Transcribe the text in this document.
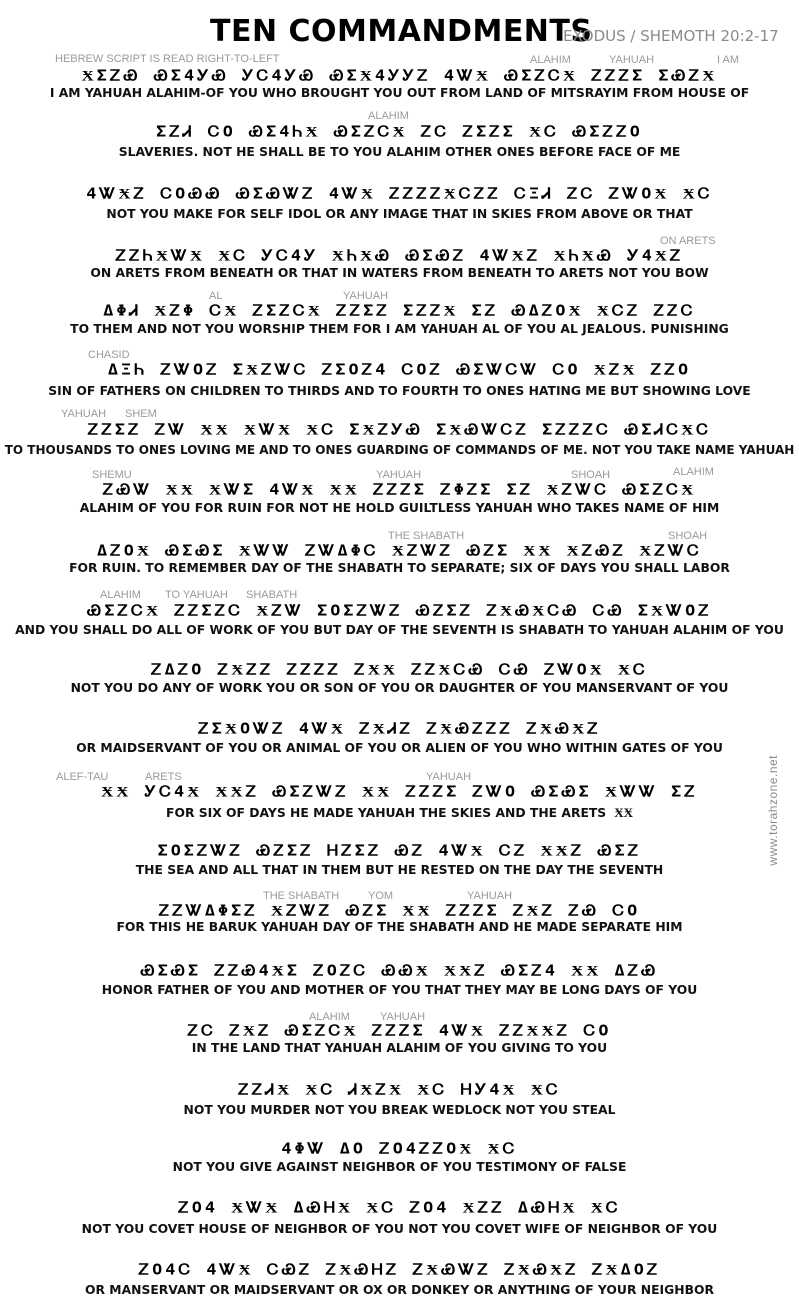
TEN COMMANDMENTS
EXODUS / SHEMOTH 20:2-17
HEBREW SCRIPT IS READ RIGHT-TO-LEFT
www.torahzone.net
ALAHIM	YAHUAH	I AM
ALAHIM
ON ARETS
AL	YAHUAH
CHASID
YAHUAH SHEM
SHEMU	YAHUAH	SHOAH	ALAHIM
THE SHABATH	SHOAH
ALAHIM TO YAHUAH SHABATH
ALEF-TAU	ARETS	YAHUAH
THE SHABATH	YOM	YAHUAH
ALAHIM	YAHUAH
ӾΣᏃᏯ ᏯΣ4ᎩᏯ ᎩᏟ4ᎩᏯ ᏯΣӾ4ᎩᎩᏃ 4ᏔӾ ᏯΣᏃᏟӾ ᏃᏃᏃΣ ΣᏯᏃӾ
I AM YAHUAH ALAHIM-OF YOU WHO BROUGHT YOU OUT FROM LAND OF MITSRAYIM FROM HOUSE OF
ΣᏃᏗ ᏟΟ ᏯΣ4ᏂӾ ᏯΣᏃᏟӾ ᏃᏟ ᏃΣᏃΣ ӾᏟ ᏯΣᏃᏃΟ
SLAVERIES. NOT HE SHALL BE TO YOU ALAHIM OTHER ONES BEFORE FACE OF ME
4ᏔӾᏃ ᏟΟᏯᏯ ᏯΣᏯᏔᏃ 4ᏔӾ ᏃᏃᏃᏃӾᏟᏃᏃ ᏟΞᏗ ᏃᏟ ᏃᏔΟӾ ӾᏟ
NOT YOU MAKE FOR SELF IDOL OR ANY IMAGE THAT IN SKIES FROM ABOVE OR THAT
ᏃᏃᏂӾᏔӾ ӾᏟ ᎩᏟ4Ꭹ ӾᏂӾᏯ ᏯΣᏯᏃ 4ᏔӾᏃ ӾᏂӾᏯ Ꭹ4ӾᏃ
ON ARETS FROM BENEATH OR THAT IN WATERS FROM BENEATH TO ARETS NOT YOU BOW
ΔΦᏗ ӾᏃΦ ᏟӾ ᏃΣᏃᏟӾ ᏃᏃΣᏃ ΣᏃᏃӾ ΣᏃ ᏯΔᏃΟӾ ӾᏟᏃ ᏃᏃᏟ
TO THEM AND NOT YOU WORSHIP THEM FOR I AM YAHUAH AL OF YOU AL JEALOUS. PUNISHING
ΔΞᏂ ᏃᏔΟᏃ ΣӾᏃᏔᏟ ᏃΣΟᏃ4 ᏟΟᏃ ᏯΣᏔᏟᏔ ᏟΟ ӾᏃӾ ᏃᏃΟ
SIN OF FATHERS ON CHILDREN TO THIRDS AND TO FOURTH TO ONES HATING ME BUT SHOWING LOVE
ᏃᏃΣᏃ ᏃᏔ ӾӾ ӾᏔӾ ӾᏟ ΣӾᏃᎩᏯ ΣӾᏯᏔᏟᏃ ΣᏃᏃᏃᏟ ᏯΣᏗᏟӾᏟ
TO THOUSANDS TO ONES LOVING ME AND TO ONES GUARDING OF COMMANDS OF ME. NOT YOU TAKE NAME YAHUAH
ᏃᏯᏔ ӾӾ ӾᏔΣ 4ᏔӾ ӾӾ ᏃᏃᏃΣ ᏃΦᏃΣ ΣᏃ ӾᏃᏔᏟ ᏯΣᏃᏟӾ
ALAHIM OF YOU FOR RUIN FOR NOT HE HOLD GUILTLESS YAHUAH WHO TAKES NAME OF HIM
ΔᏃΟӾ ᏯΣᏯΣ ӾᏔᏔ ᏃᏔΔΦᏟ ӾᏃᏔᏃ ᏯᏃΣ ӾӾ ӾᏃᏯᏃ ӾᏃᏔᏟ
FOR RUIN. TO REMEMBER DAY OF THE SHABATH TO SEPARATE; SIX OF DAYS YOU SHALL LABOR
ᏯΣᏃᏟӾ ᏃᏃΣᏃᏟ ӾᏃᏔ ΣΟΣᏃᏔᏃ ᏯᏃΣᏃ ᏃӾᏯӾᏟᏯ ᏟᏯ ΣӾᏔΟᏃ
AND YOU SHALL DO ALL OF WORK OF YOU BUT DAY OF THE SEVENTH IS SHABATH TO YAHUAH ALAHIM OF YOU
ᏃΔᏃΟ ᏃӾᏃᏃ ᏃᏃᏃᏃ ᏃӾӾ ᏃᏃӾᏟᏯ ᏟᏯ ᏃᏔΟӾ ӾᏟ
NOT YOU DO ANY OF WORK YOU OR SON OF YOU OR DAUGHTER OF YOU MANSERVANT OF YOU
ᏃΣӾΟᏔᏃ 4ᏔӾ ᏃӾᏗᏃ ᏃӾᏯᏃᏃᏃ ᏃӾᏯӾᏃ
OR MAIDSERVANT OF YOU OR ANIMAL OF YOU OR ALIEN OF YOU WHO WITHIN GATES OF YOU
ӾӾ ᎩᏟ4Ӿ ӾӾᏃ ᏯΣᏃᏔᏃ ӾӾ ᏃᏃᏃΣ ᏃᏔΟ ᏯΣᏯΣ ӾᏔᏔ ΣᏃ
FOR SIX OF DAYS HE MADE YAHUAH THE SKIES AND THE ARETS ӾӾ
ΣΟΣᏃᏔᏃ ᏯᏃΣᏃ ᎻᏃΣᏃ ᏯᏃ 4ᏔӾ ᏟᏃ ӾӾᏃ ᏯΣᏃ
THE SEA AND ALL THAT IN THEM BUT HE RESTED ON THE DAY THE SEVENTH
ᏃᏃᏔΔΦΣᏃ ӾᏃᏔᏃ ᏯᏃΣ ӾӾ ᏃᏃᏃΣ ᏃӾᏃ ᏃᏯ ᏟΟ
FOR THIS HE BARUK YAHUAH DAY OF THE SHABATH AND HE MADE SEPARATE HIM
ᏯΣᏯΣ ᏃᏃᏯ4ӾΣ ᏃΟᏃᏟ ᏯᏯӾ ӾӾᏃ ᏯΣᏃ4 ӾӾ ΔᏃᏯ
HONOR FATHER OF YOU AND MOTHER OF YOU THAT THEY MAY BE LONG DAYS OF YOU
ᏃᏟ ᏃӾᏃ ᏯΣᏃᏟӾ ᏃᏃᏃΣ 4ᏔӾ ᏃᏃӾӾᏃ ᏟΟ
IN THE LAND THAT YAHUAH ALAHIM OF YOU GIVING TO YOU
ᏃᏃᏗӾ ӾᏟ ᏗӾᏃӾ ӾᏟ ᎻᎩ4Ӿ ӾᏟ
NOT YOU MURDER NOT YOU BREAK WEDLOCK NOT YOU STEAL
4ΦᏔ ΔΟ ᏃΟ4ᏃᏃΟӾ ӾᏟ
NOT YOU GIVE AGAINST NEIGHBOR OF YOU TESTIMONY OF FALSE
ᏃΟ4 ӾᏔӾ ΔᏯᎻӾ ӾᏟ ᏃΟ4 ӾᏃᏃ ΔᏯᎻӾ ӾᏟ
NOT YOU COVET HOUSE OF NEIGHBOR OF YOU NOT YOU COVET WIFE OF NEIGHBOR OF YOU
ᏃΟ4Ꮯ 4ᏔӾ ᏟᏯᏃ ᏃӾᏯᎻᏃ ᏃӾᏯᏔᏃ ᏃӾᏯӾᏃ ᏃӾΔΟᏃ
OR MANSERVANT OR MAIDSERVANT OR OX OR DONKEY OR ANYTHING OF YOUR NEIGHBOR
